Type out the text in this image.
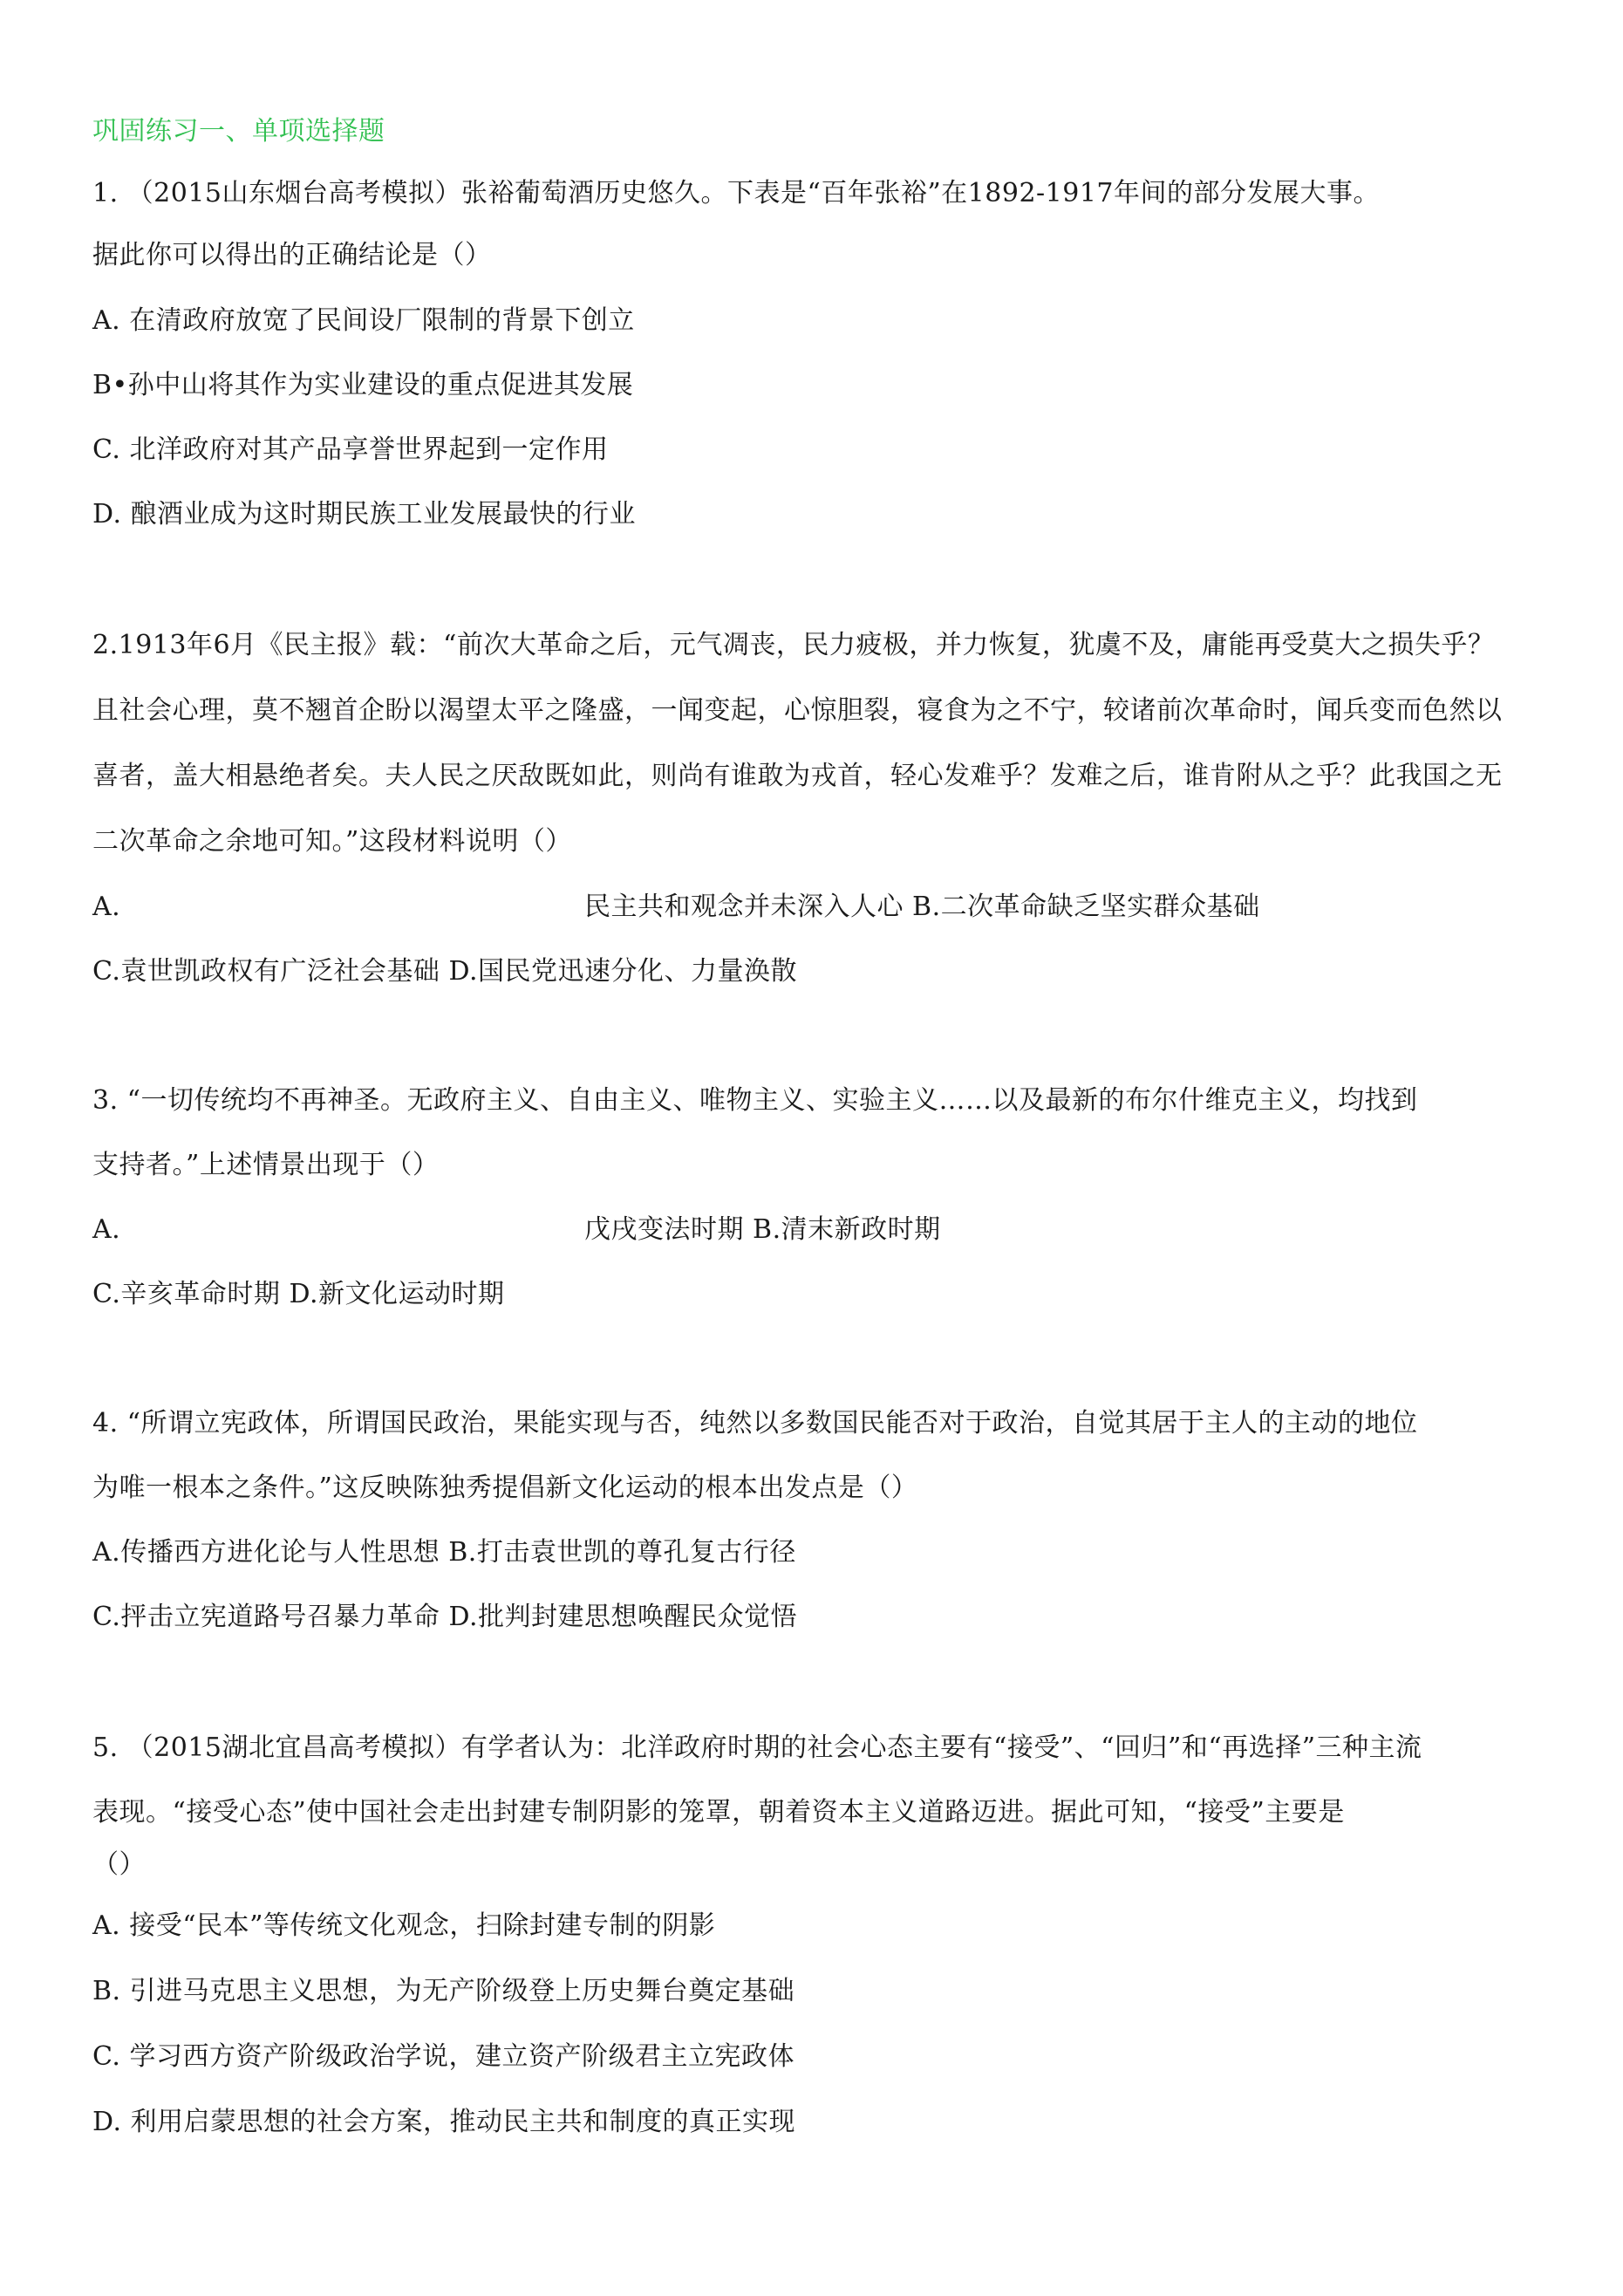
巩固练习一、单项选择题
1. （2015山东烟台高考模拟）张裕葡萄酒历史悠久。下表是“百年张裕”在1892-1917年间的部分发展大事。
据此你可以得出的正确结论是（）
A. 在清政府放宽了民间设厂限制的背景下创立
B•孙中山将其作为实业建设的重点促进其发展
C. 北洋政府对其产品享誉世界起到一定作用
D. 酿酒业成为这时期民族工业发展最快的行业
2.1913年6月《民主报》载：“前次大革命之后，元气凋丧，民力疲极，并力恢复，犹虞不及，庸能再受莫大之损失乎？
且社会心理，莫不翘首企盼以渴望太平之隆盛，一闻变起，心惊胆裂，寝食为之不宁，较诸前次革命时，闻兵变而色然以
喜者，盖大相悬绝者矣。夫人民之厌敌既如此，则尚有谁敢为戎首，轻心发难乎？发难之后，谁肯附从之乎？此我国之无
二次革命之余地可知。”这段材料说明（）
A.	民主共和观念并未深入人心 B.二次革命缺乏坚实群众基础
C.袁世凯政权有广泛社会基础 D.国民党迅速分化、力量涣散
3. “一切传统均不再神圣。无政府主义、自由主义、唯物主义、实验主义……以及最新的布尔什维克主义，均找到
支持者。”上述情景出现于（）
A.	戊戌变法时期 B.清末新政时期
C.辛亥革命时期 D.新文化运动时期
4. “所谓立宪政体，所谓国民政治，果能实现与否，纯然以多数国民能否对于政治，自觉其居于主人的主动的地位
为唯一根本之条件。”这反映陈独秀提倡新文化运动的根本出发点是（）
A.传播西方进化论与人性思想 B.打击袁世凯的尊孔复古行径
C.抨击立宪道路号召暴力革命 D.批判封建思想唤醒民众觉悟
5. （2015湖北宜昌高考模拟）有学者认为：北洋政府时期的社会心态主要有“接受”、“回归”和“再选择”三种主流
表现。“接受心态”使中国社会走出封建专制阴影的笼罩，朝着资本主义道路迈进。据此可知，“接受”主要是
（）
A. 接受“民本”等传统文化观念，扫除封建专制的阴影
B. 引进马克思主义思想，为无产阶级登上历史舞台奠定基础
C. 学习西方资产阶级政治学说，建立资产阶级君主立宪政体
D. 利用启蒙思想的社会方案，推动民主共和制度的真正实现
